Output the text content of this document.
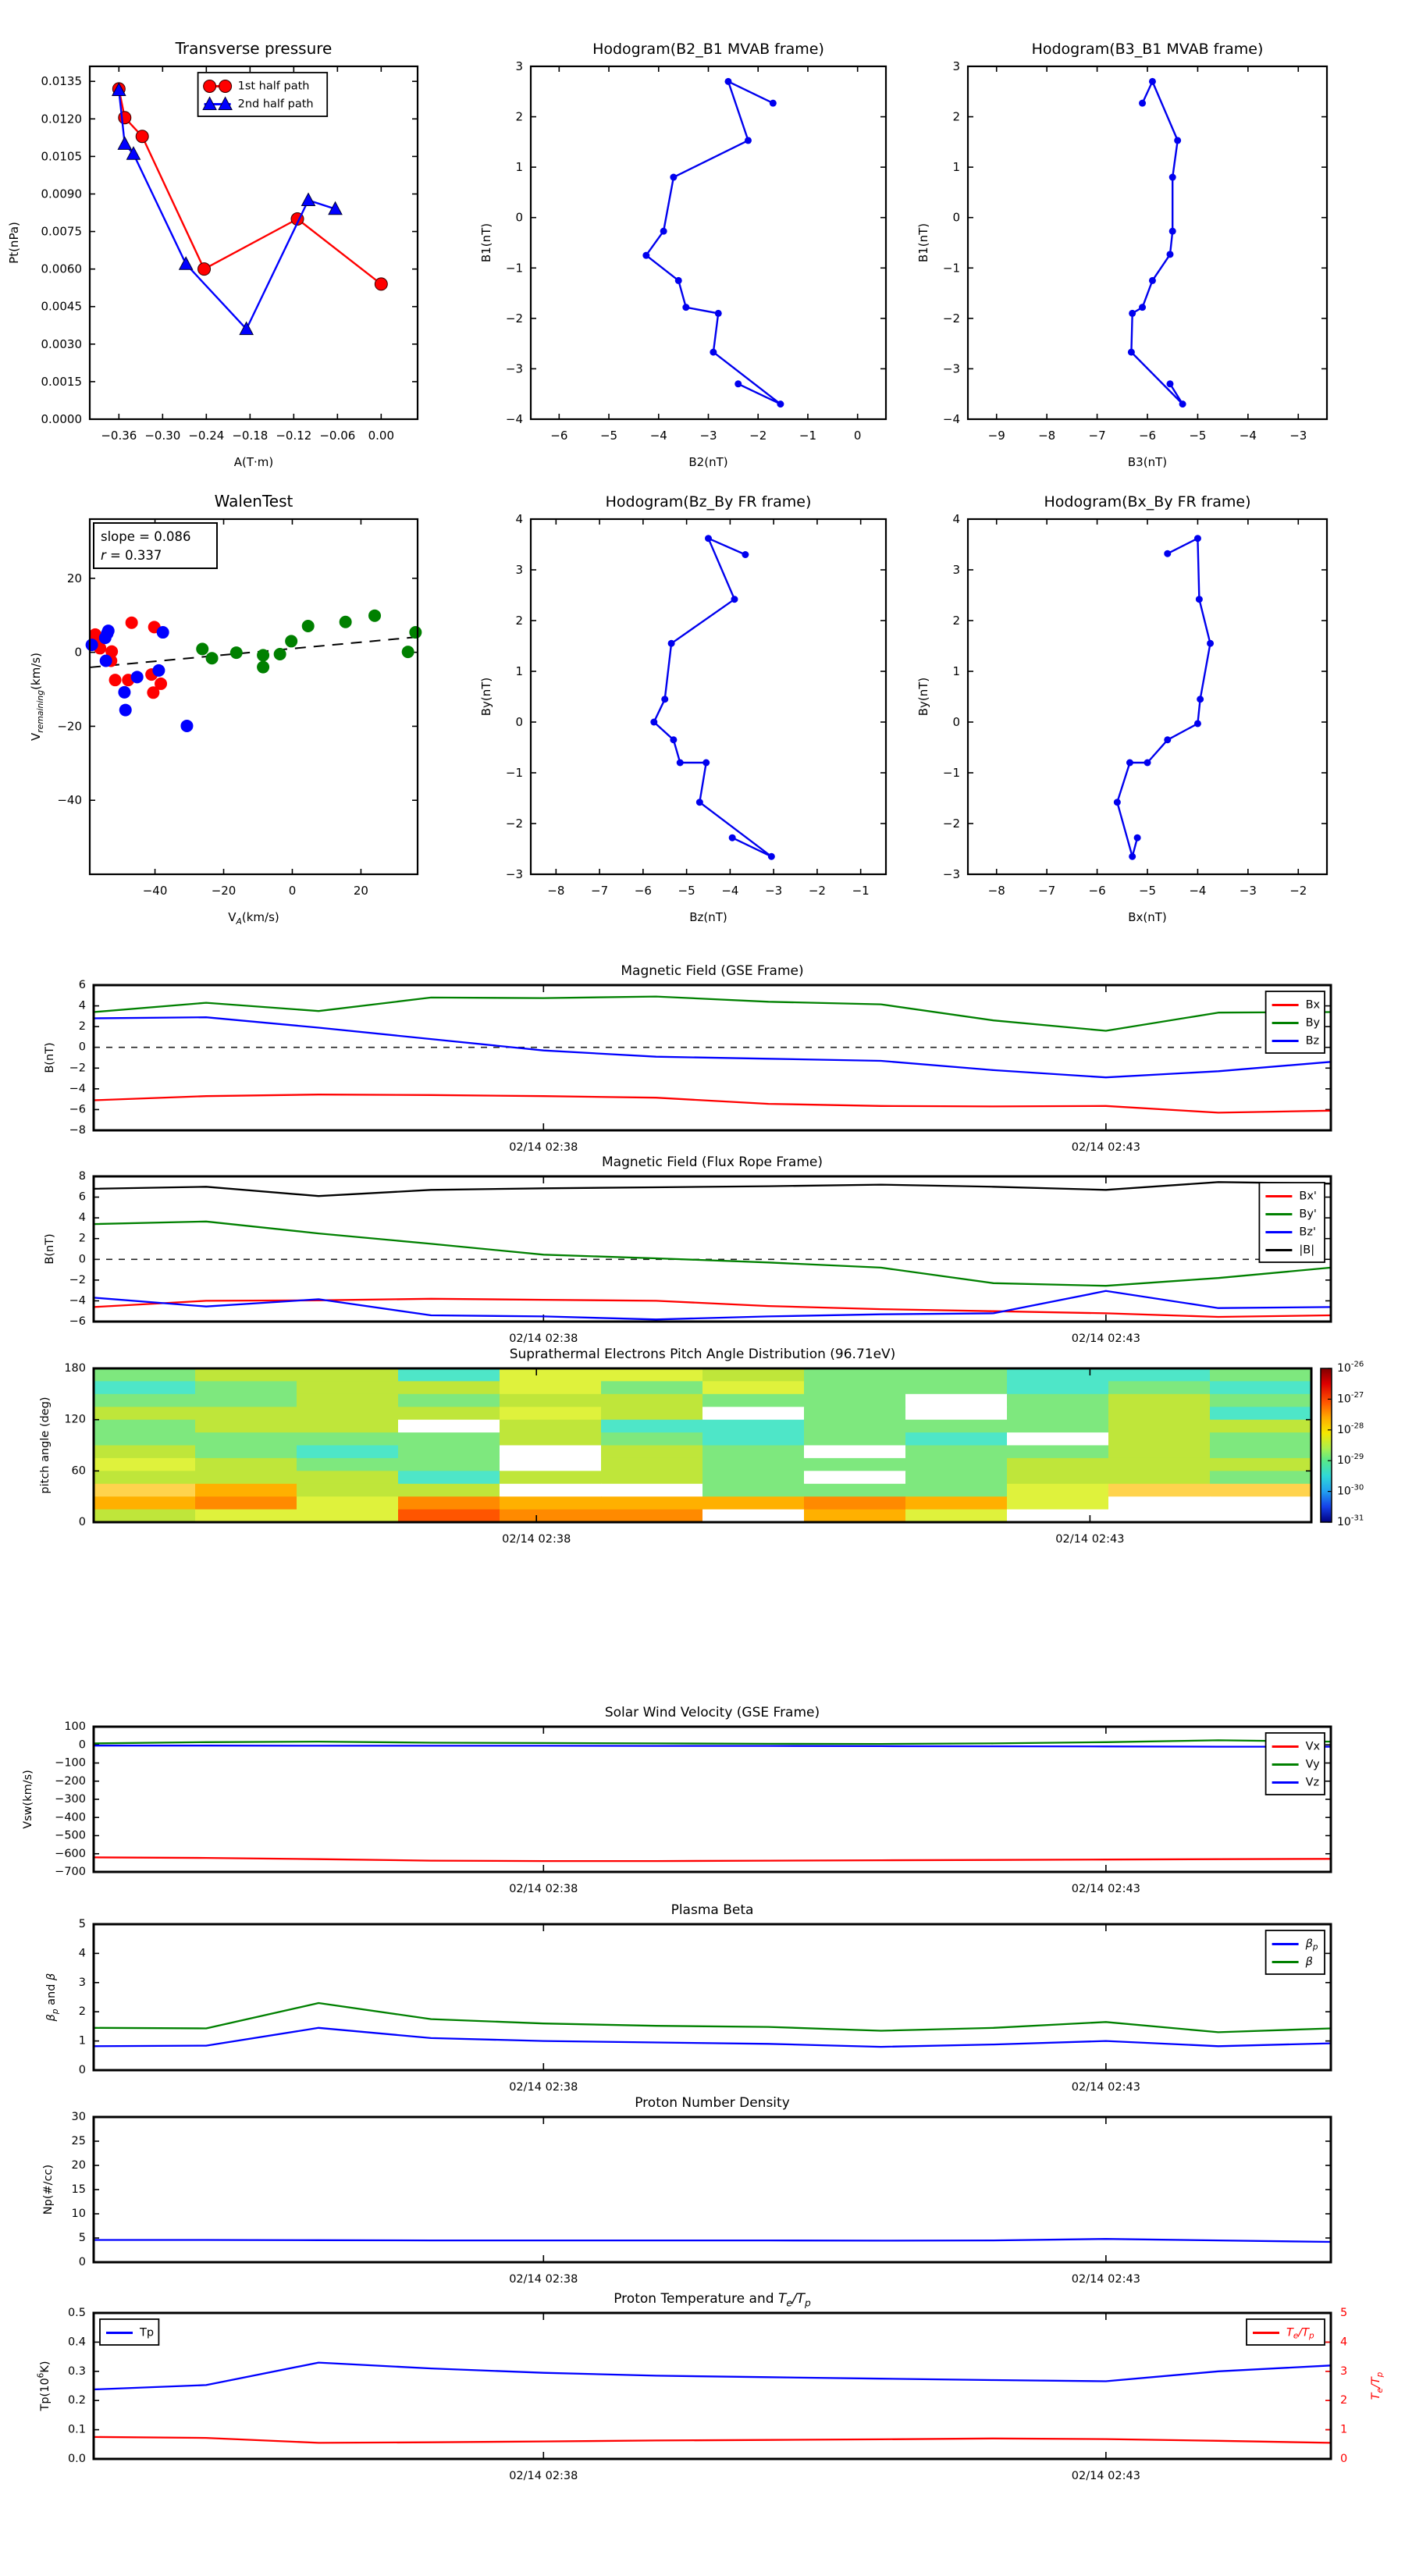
0.0000
0.0015
0.0030
0.0045
0.0060
0.0075
0.0090
0.0105
0.0120
0.0135
−0.36 −0.30 −0.24 −0.18 −0.12 −0.06 0.00
1st half path
2nd half path
Transverse pressure
A(T·m)
Pt(nPa)
−4
−3
−2
−1
0
1
2
3
−6	−5	−4	−3	−2	−1	0
Hodogram(B2_B1 MVAB frame)
B2(nT)
B1(nT)
−4
−3
−2
−1
0
1
2
3
−9	−8	−7	−6	−5	−4	−3
Hodogram(B3_B1 MVAB frame)
B3(nT)
B1(nT)
−40
−20
0
20
−40	−20	0	20
slope = 0.086
r = 0.337
WalenTest
$V_A(km/s)$
$V_{remaining}(km/s)$
−3
−2
−1
0
1
2
3
4
−8 −7 −6 −5 −4 −3 −2 −1
Hodogram(Bz_By FR frame)
Bz(nT)
By(nT)
−3
−2
−1
0
1
2
3
4
−8	−7	−6	−5	−4	−3	−2
Hodogram(Bx_By FR frame)
Bx(nT)
By(nT)
−8
−6
−4
−2
0
2
4
6
02/14 02:38	02/14 02:43
Bx
By
Bz
Magnetic Field (GSE Frame)
B(nT)
−6
−4
−2
0
2
4
6
8
02/14 02:38	02/14 02:43
Bx'
By'
Bz'
|B|
Magnetic Field (Flux Rope Frame)
B(nT)
0
60
120
180
02/14 02:38	02/14 02:43
$10^{-26}$
$10^{-27}$
$10^{-28}$
$10^{-29}$
$10^{-30}$
$10^{-31}$
Suprathermal Electrons Pitch Angle Distribution (96.71eV)
pitch angle (deg)
−700
−600
−500
−400
−300
−200
−100
0
100
02/14 02:38	02/14 02:43
Vx
Vy
Vz
Solar Wind Velocity (GSE Frame)
Vsw(km/s)
0
1
2
3
4
5
02/14 02:38	02/14 02:43
$\beta_p$
β
Plasma Beta
$\beta_p$ and β
0
5
10
15
20
25
30
02/14 02:38	02/14 02:43
Proton Number Density
Np(#/cc)
0.0
0.1
0.2
0.3
0.4
0.5
02/14 02:38	02/14 02:43
0
1
2
3
4
5
$T_e/T_p$
Tp	$T_e/T_p$
Proton Temperature and $T_e/T_p$
$Tp(10^6K)$
